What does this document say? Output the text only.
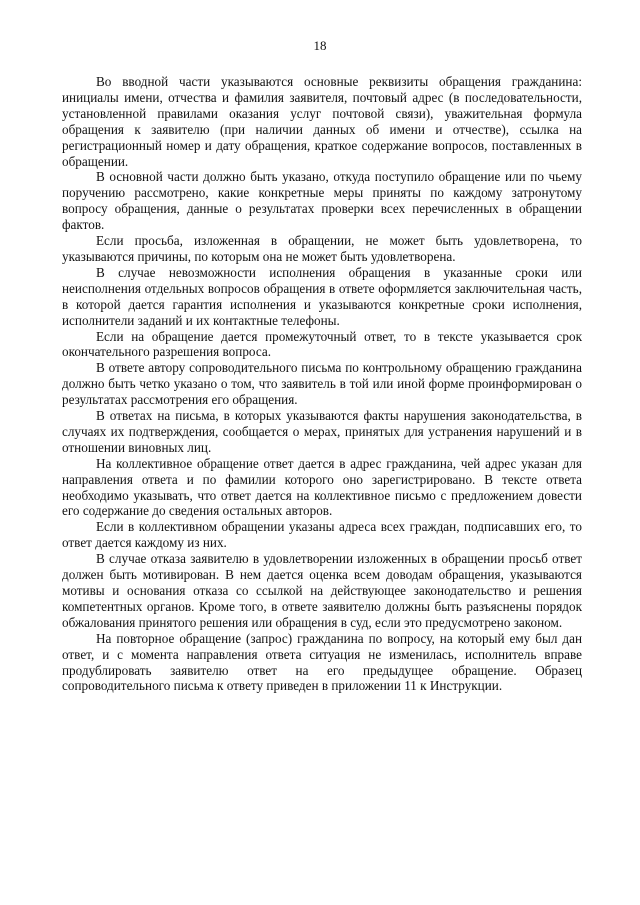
18

Во вводной части указываются основные реквизиты обращения гражданина: инициалы имени, отчества и фамилия заявителя, почтовый адрес (в последовательности, установленной правилами оказания услуг почтовой связи), уважительная формула обращения к заявителю (при наличии данных об имени и отчестве), ссылка на регистрационный номер и дату обращения, краткое содержание вопросов, поставленных в обращении.

В основной части должно быть указано, откуда поступило обращение или по чьему поручению рассмотрено, какие конкретные меры приняты по каждому затронутому вопросу обращения, данные о результатах проверки всех перечисленных в обращении фактов.

Если просьба, изложенная в обращении, не может быть удовлетворена, то указываются причины, по которым она не может быть удовлетворена.

В случае невозможности исполнения обращения в указанные сроки или неисполнения отдельных вопросов обращения в ответе оформляется заключительная часть, в которой дается гарантия исполнения и указываются конкретные сроки исполнения, исполнители заданий и их контактные телефоны.

Если на обращение дается промежуточный ответ, то в тексте указывается срок окончательного разрешения вопроса.

В ответе автору сопроводительного письма по контрольному обращению гражданина должно быть четко указано о том, что заявитель в той или иной форме проинформирован о результатах рассмотрения его обращения.

В ответах на письма, в которых указываются факты нарушения законодательства, в случаях их подтверждения, сообщается о мерах, принятых для устранения нарушений и в отношении виновных лиц.

На коллективное обращение ответ дается в адрес гражданина, чей адрес указан для направления ответа и по фамилии которого оно зарегистрировано. В тексте ответа необходимо указывать, что ответ дается на коллективное письмо с предложением довести его содержание до сведения остальных авторов.

Если в коллективном обращении указаны адреса всех граждан, подписавших его, то ответ дается каждому из них.

В случае отказа заявителю в удовлетворении изложенных в обращении просьб ответ должен быть мотивирован. В нем дается оценка всем доводам обращения, указываются мотивы и основания отказа со ссылкой на действующее законодательство и решения компетентных органов. Кроме того, в ответе заявителю должны быть разъяснены порядок обжалования принятого решения или обращения в суд, если это предусмотрено законом.

На повторное обращение (запрос) гражданина по вопросу, на который ему был дан ответ, и с момента направления ответа ситуация не изменилась, исполнитель вправе продублировать заявителю ответ на его предыдущее обращение. Образец сопроводительного письма к ответу приведен в приложении 11 к Инструкции.
